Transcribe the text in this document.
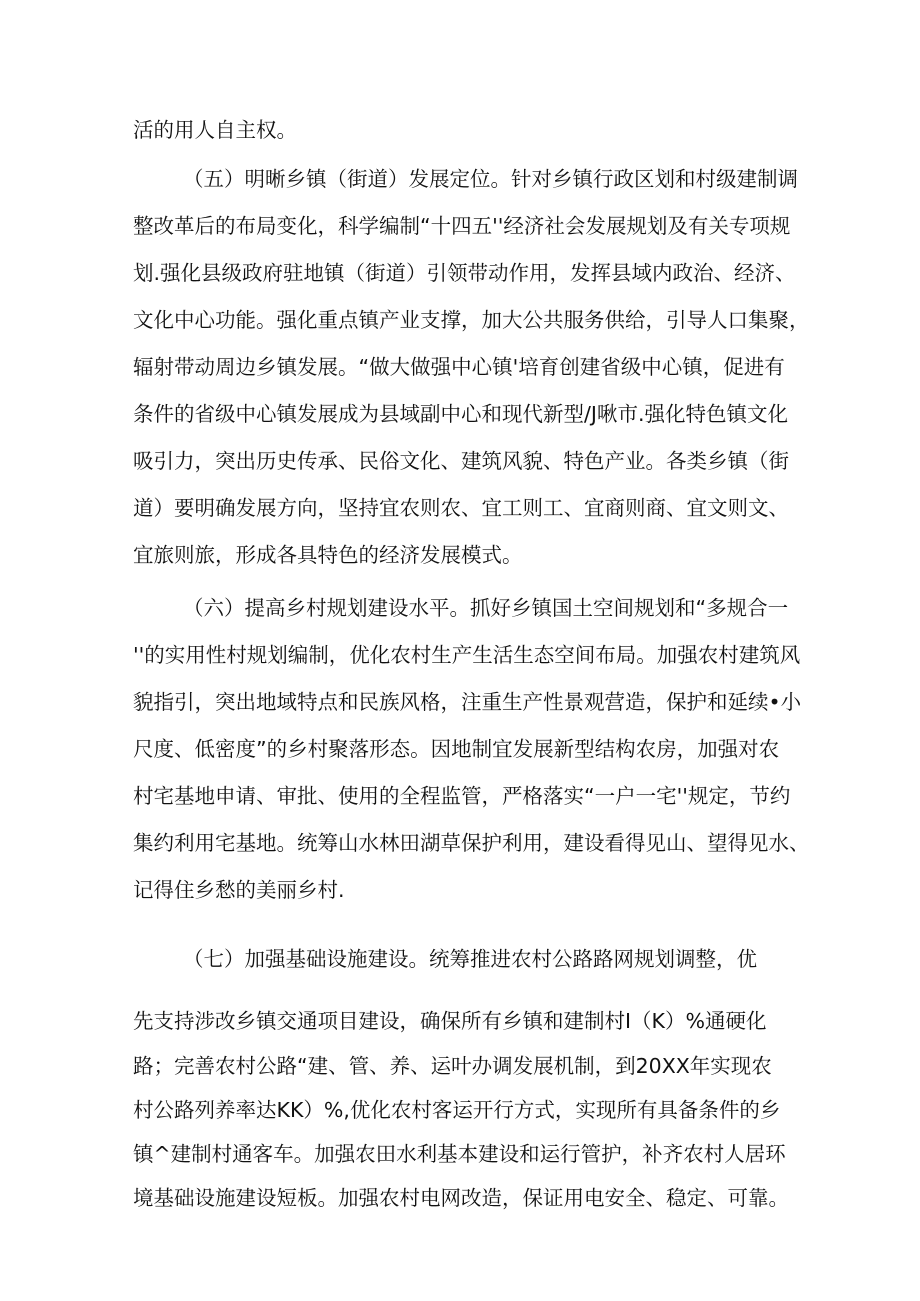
活的用人自主权。
（五）明晰乡镇（街道）发展定位。针对乡镇行政区划和村级建制调
整改革后的布局变化，科学编制“十四五''经济社会发展规划及有关专项规
划.强化县级政府驻地镇（街道）引领带动作用，发挥县域内政治、经济、
文化中心功能。强化重点镇产业支撑，加大公共服务供给，引导人口集聚，
辐射带动周边乡镇发展。“做大做强中心镇'培育创建省级中心镇，促进有
条件的省级中心镇发展成为县域副中心和现代新型/J啾市.强化特色镇文化
吸引力，突出历史传承、民俗文化、建筑风貌、特色产业。各类乡镇（街
道）要明确发展方向，坚持宜农则农、宜工则工、宜商则商、宜文则文、
宜旅则旅，形成各具特色的经济发展模式。
（六）提高乡村规划建设水平。抓好乡镇国土空间规划和“多规合一
''的实用性村规划编制，优化农村生产生活生态空间布局。加强农村建筑风
貌指引，突出地域特点和民族风格，注重生产性景观营造，保护和延续•小
尺度、低密度”的乡村聚落形态。因地制宜发展新型结构农房，加强对农
村宅基地申请、审批、使用的全程监管，严格落实“一户一宅''规定，节约
集约利用宅基地。统筹山水林田湖草保护利用，建设看得见山、望得见水、
记得住乡愁的美丽乡村.
（七）加强基础设施建设。统筹推进农村公路路网规划调整，优
先支持涉改乡镇交通项目建设，确保所有乡镇和建制村I（K）%通硬化
路；完善农村公路“建、管、养、运叶办调发展机制，到20XX年实现农
村公路列养率达KK）%,优化农村客运开行方式，实现所有具备条件的乡
镇^建制村通客车。加强农田水利基本建设和运行管护，补齐农村人居环
境基础设施建设短板。加强农村电网改造，保证用电安全、稳定、可靠。
